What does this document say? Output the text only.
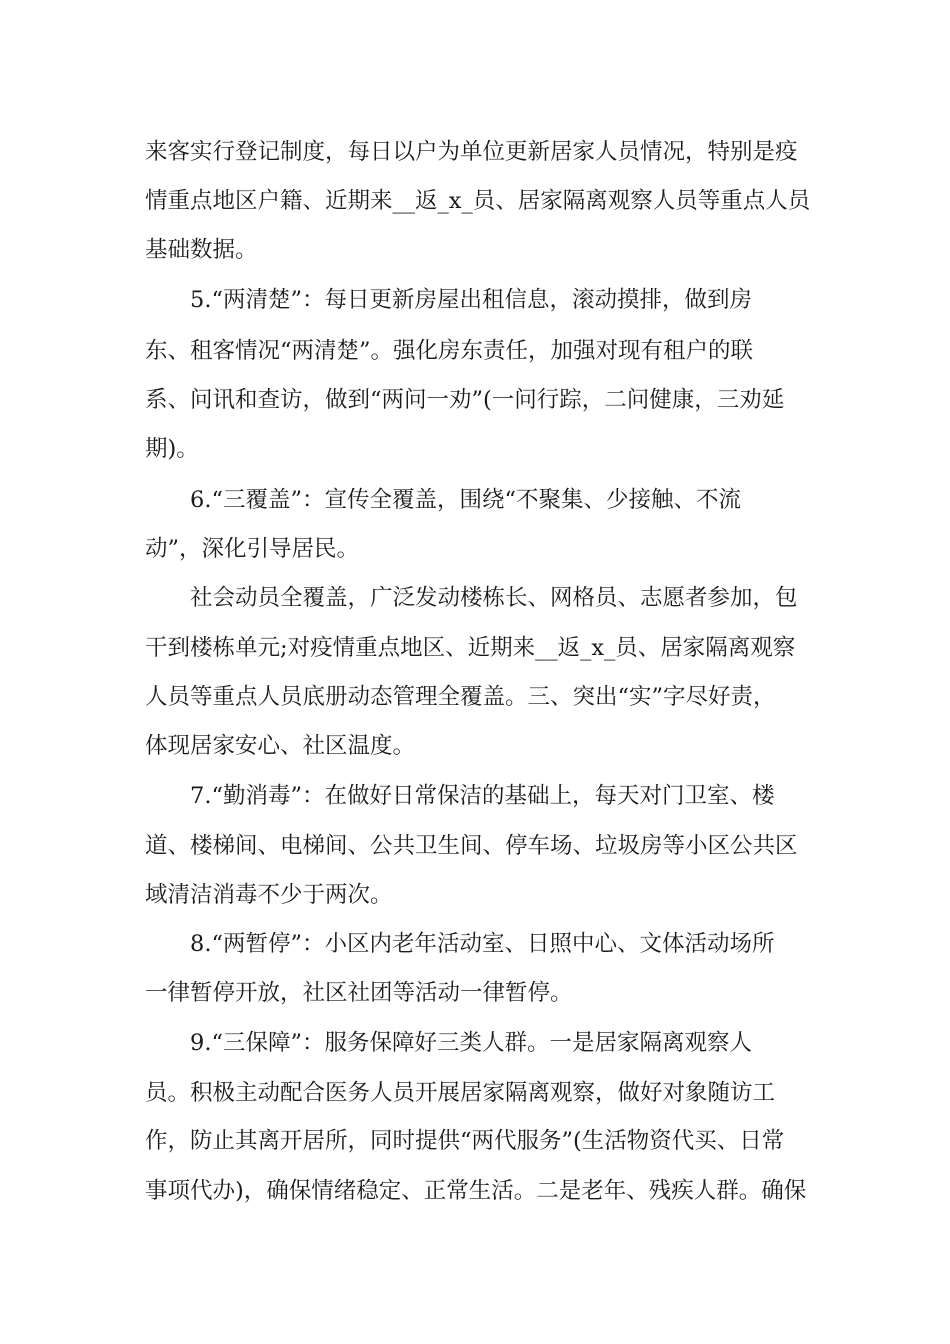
来客实行登记制度，每日以户为单位更新居家人员情况，特别是疫
情重点地区户籍、近期来__返_x_员、居家隔离观察人员等重点人员
基础数据。
5.“两清楚”：每日更新房屋出租信息，滚动摸排，做到房
东、租客情况“两清楚”。强化房东责任，加强对现有租户的联
系、问讯和查访，做到“两问一劝”(一问行踪，二问健康，三劝延
期)。
6.“三覆盖”：宣传全覆盖，围绕“不聚集、少接触、不流
动”，深化引导居民。
社会动员全覆盖，广泛发动楼栋长、网格员、志愿者参加，包
干到楼栋单元;对疫情重点地区、近期来__返_x_员、居家隔离观察
人员等重点人员底册动态管理全覆盖。三、突出“实”字尽好责，
体现居家安心、社区温度。
7.“勤消毒”：在做好日常保洁的基础上，每天对门卫室、楼
道、楼梯间、电梯间、公共卫生间、停车场、垃圾房等小区公共区
域清洁消毒不少于两次。
8.“两暂停”：小区内老年活动室、日照中心、文体活动场所
一律暂停开放，社区社团等活动一律暂停。
9.“三保障”：服务保障好三类人群。一是居家隔离观察人
员。积极主动配合医务人员开展居家隔离观察，做好对象随访工
作，防止其离开居所，同时提供“两代服务”(生活物资代买、日常
事项代办)，确保情绪稳定、正常生活。二是老年、残疾人群。确保
